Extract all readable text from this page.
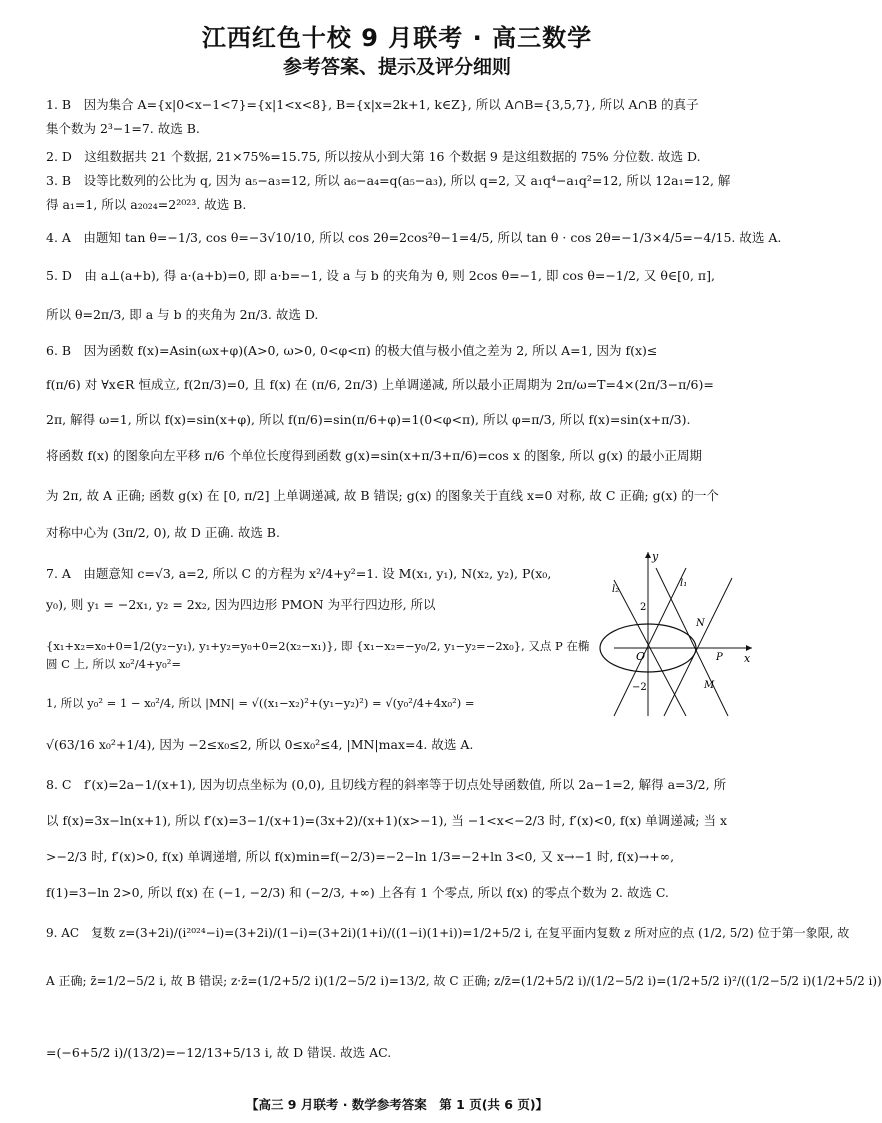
江西红色十校 9 月联考 · 高三数学
参考答案、提示及评分细则
1. B　因为集合 A={x|0<x−1<7}={x|1<x<8}, B={x|x=2k+1, k∈Z}, 所以 A∩B={3,5,7}, 所以 A∩B 的真子
集个数为 2³−1=7. 故选 B.
2. D　这组数据共 21 个数据, 21×75%=15.75, 所以按从小到大第 16 个数据 9 是这组数据的 75% 分位数. 故选 D.
3. B　设等比数列的公比为 q, 因为 a₅−a₃=12, 所以 a₆−a₄=q(a₅−a₃), 所以 q=2, 又 a₁q⁴−a₁q²=12, 所以 12a₁=12, 解
得 a₁=1, 所以 a₂₀₂₄=2²⁰²³. 故选 B.
4. A　由题知 tan θ=−1/3, cos θ=−3√10/10, 所以 cos 2θ=2cos²θ−1=4/5, 所以 tan θ · cos 2θ=−1/3×4/5=−4/15. 故选 A.
5. D　由 a⊥(a+b), 得 a·(a+b)=0, 即 a·b=−1, 设 a 与 b 的夹角为 θ, 则 2cos θ=−1, 即 cos θ=−1/2, 又 θ∈[0, π],
所以 θ=2π/3, 即 a 与 b 的夹角为 2π/3. 故选 D.
6. B　因为函数 f(x)=Asin(ωx+φ)(A>0, ω>0, 0<φ<π) 的极大值与极小值之差为 2, 所以 A=1, 因为 f(x)≤
f(π/6) 对 ∀x∈R 恒成立, f(2π/3)=0, 且 f(x) 在 (π/6, 2π/3) 上单调递减, 所以最小正周期为 2π/ω=T=4×(2π/3−π/6)=
2π, 解得 ω=1, 所以 f(x)=sin(x+φ), 所以 f(π/6)=sin(π/6+φ)=1(0<φ<π), 所以 φ=π/3, 所以 f(x)=sin(x+π/3).
将函数 f(x) 的图象向左平移 π/6 个单位长度得到函数 g(x)=sin(x+π/3+π/6)=cos x 的图象, 所以 g(x) 的最小正周期
为 2π, 故 A 正确; 函数 g(x) 在 [0, π/2] 上单调递减, 故 B 错误; g(x) 的图象关于直线 x=0 对称, 故 C 正确; g(x) 的一个
对称中心为 (3π/2, 0), 故 D 正确. 故选 B.
7. A　由题意知 c=√3, a=2, 所以 C 的方程为 x²/4+y²=1. 设 M(x₁, y₁), N(x₂, y₂), P(x₀,
y₀), 则 y₁ = −2x₁, y₂ = 2x₂, 因为四边形 PMON 为平行四边形, 所以
{x₁+x₂=x₀+0=1/2(y₂−y₁), y₁+y₂=y₀+0=2(x₂−x₁)}, 即 {x₁−x₂=−y₀/2, y₁−y₂=−2x₀}, 又点 P 在椭圆 C 上, 所以 x₀²/4+y₀²=
1, 所以 y₀² = 1 − x₀²/4, 所以 |MN| = √((x₁−x₂)²+(y₁−y₂)²) = √(y₀²/4+4x₀²) =
√(63/16 x₀²+1/4), 因为 −2≤x₀≤2, 所以 0≤x₀²≤4, |MN|max=4. 故选 A.
y
x
O
N
P
M
l₂
l₁
2
−2
8. C　f′(x)=2a−1/(x+1), 因为切点坐标为 (0,0), 且切线方程的斜率等于切点处导函数值, 所以 2a−1=2, 解得 a=3/2, 所
以 f(x)=3x−ln(x+1), 所以 f′(x)=3−1/(x+1)=(3x+2)/(x+1)(x>−1), 当 −1<x<−2/3 时, f′(x)<0, f(x) 单调递减; 当 x
>−2/3 时, f′(x)>0, f(x) 单调递增, 所以 f(x)min=f(−2/3)=−2−ln 1/3=−2+ln 3<0, 又 x→−1 时, f(x)→+∞,
f(1)=3−ln 2>0, 所以 f(x) 在 (−1, −2/3) 和 (−2/3, +∞) 上各有 1 个零点, 所以 f(x) 的零点个数为 2. 故选 C.
9. AC　复数 z=(3+2i)/(i²⁰²⁴−i)=(3+2i)/(1−i)=(3+2i)(1+i)/((1−i)(1+i))=1/2+5/2 i, 在复平面内复数 z 所对应的点 (1/2, 5/2) 位于第一象限, 故
A 正确; z̄=1/2−5/2 i, 故 B 错误; z·z̄=(1/2+5/2 i)(1/2−5/2 i)=13/2, 故 C 正确; z/z̄=(1/2+5/2 i)/(1/2−5/2 i)=(1/2+5/2 i)²/((1/2−5/2 i)(1/2+5/2 i))
=(−6+5/2 i)/(13/2)=−12/13+5/13 i, 故 D 错误. 故选 AC.
【高三 9 月联考 · 数学参考答案　第 1 页(共 6 页)】
